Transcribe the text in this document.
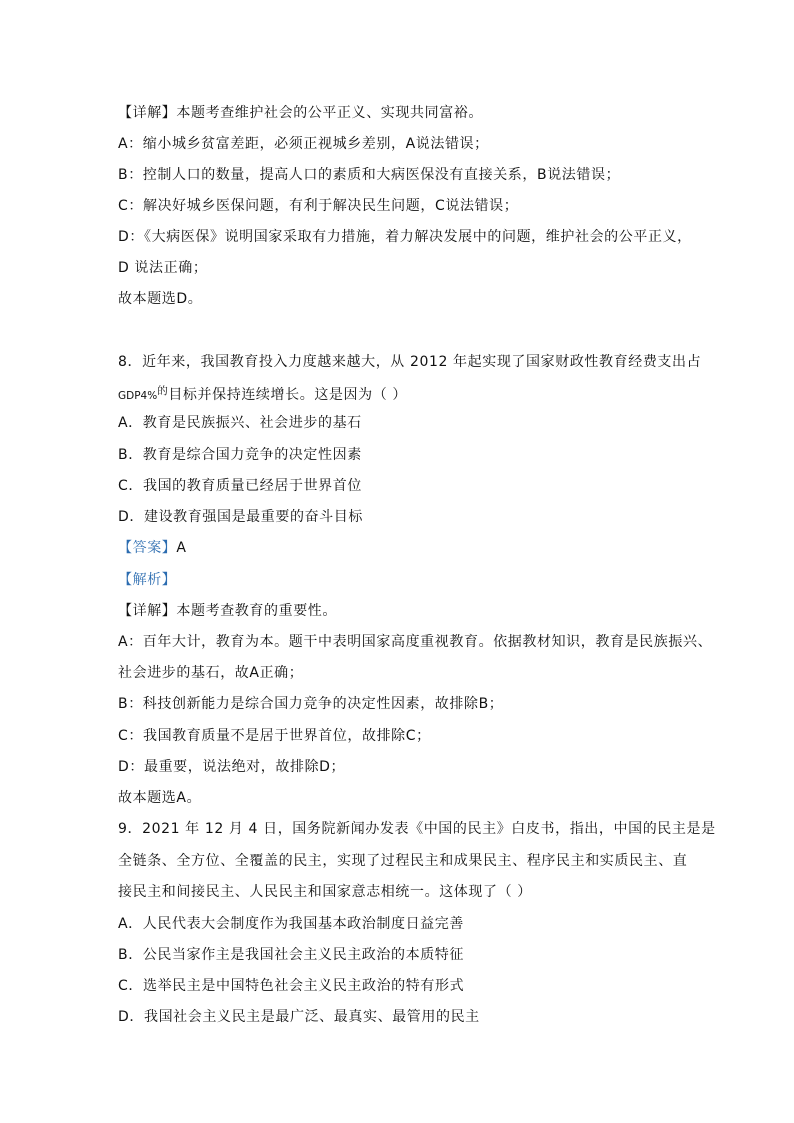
【详解】本题考查维护社会的公平正义、实现共同富裕。
A：缩小城乡贫富差距，必须正视城乡差别，A说法错误；
B：控制人口的数量，提高人口的素质和大病医保没有直接关系，B说法错误；
C：解决好城乡医保问题，有利于解决民生问题，C说法错误；
D：《大病医保》说明国家采取有力措施，着力解决发展中的问题，维护社会的公平正义，
D 说法正确；
故本题选D。
8．近年来，我国教育投入力度越来越大，从 2012 年起实现了国家财政性教育经费支出占
GDP4%$^的$目标并保持连续增长。这是因为（ ）
A．教育是民族振兴、社会进步的基石
B．教育是综合国力竞争的决定性因素
C．我国的教育质量已经居于世界首位
D．建设教育强国是最重要的奋斗目标
【答案】A
【解析】
【详解】本题考查教育的重要性。
A：百年大计，教育为本。题干中表明国家高度重视教育。依据教材知识，教育是民族振兴、
社会进步的基石，故A正确；
B：科技创新能力是综合国力竞争的决定性因素，故排除B；
C：我国教育质量不是居于世界首位，故排除C；
D：最重要，说法绝对，故排除D；
故本题选A。
9．2021 年 12 月 4 日，国务院新闻办发表《中国的民主》白皮书，指出，中国的民主是是
全链条、全方位、全覆盖的民主，实现了过程民主和成果民主、程序民主和实质民主、直
接民主和间接民主、人民民主和国家意志相统一。这体现了（ ）
A．人民代表大会制度作为我国基本政治制度日益完善
B．公民当家作主是我国社会主义民主政治的本质特征
C．选举民主是中国特色社会主义民主政治的特有形式
D．我国社会主义民主是最广泛、最真实、最管用的民主
